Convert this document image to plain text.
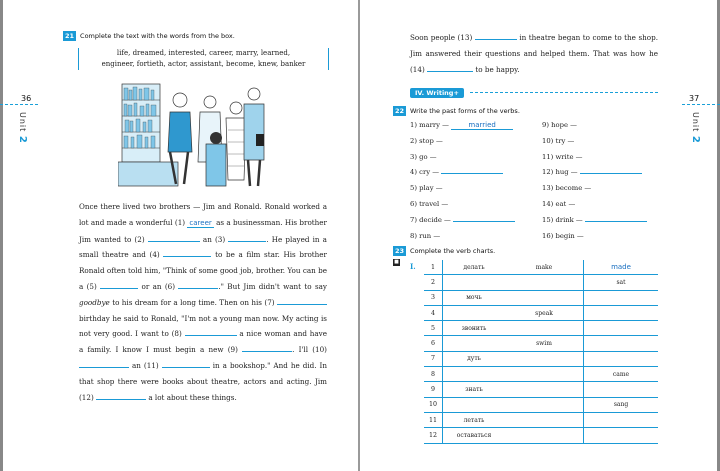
36
Unit 2
21 Complete the text with the words from the box.
life, dreamed, interested, career, marry, learned,
engineer, fortieth, actor, assistant, become, knew, banker

Once there lived two brothers — Jim and Ronald. Ronald worked a lot and made a wonderful (1) career as a businessman. His brother Jim wanted to (2)	an (3)	. He played in a small theatre and (4)	to be a film star. His brother Ronald often told him, "Think of some good job, brother. You can be a (5)	or an (6)	." But Jim didn't want to say goodbye to his dream for a long time. Then on his (7)  birthday he said to Ronald, "I'm not a young man now. My acting is not very good. I want to (8)	a nice woman and have a family. I know I must begin a new (9)	. I'll (10)  an (11)	in a bookshop." And he did. In that shop there were books about theatre, actors and acting. Jim (12)	a lot about these things.

37
Unit 2

Soon people (13)	in theatre began to come to the shop. Jim answered their questions and helped them. That was how he (14)	to be happy.

IV. Writing+
22 Write the past forms of the verbs.
1) marry —	married
2) stop —
3) go —
4) cry —
5) play —
6) travel —
7) decide —
8) run —
9) hope —
10) try —
11) write —
12) hug —
13) become —
14) eat —
15) drink —
16) begin —
23 Complete the verb charts.
■ I. 1	делать	make	made
2			sat
3	мочь		
4		speak	
5	звонить		
6		swim	
7	дуть		
8			came
9	знать		
10			sang
11	летать		
12	оставаться		
